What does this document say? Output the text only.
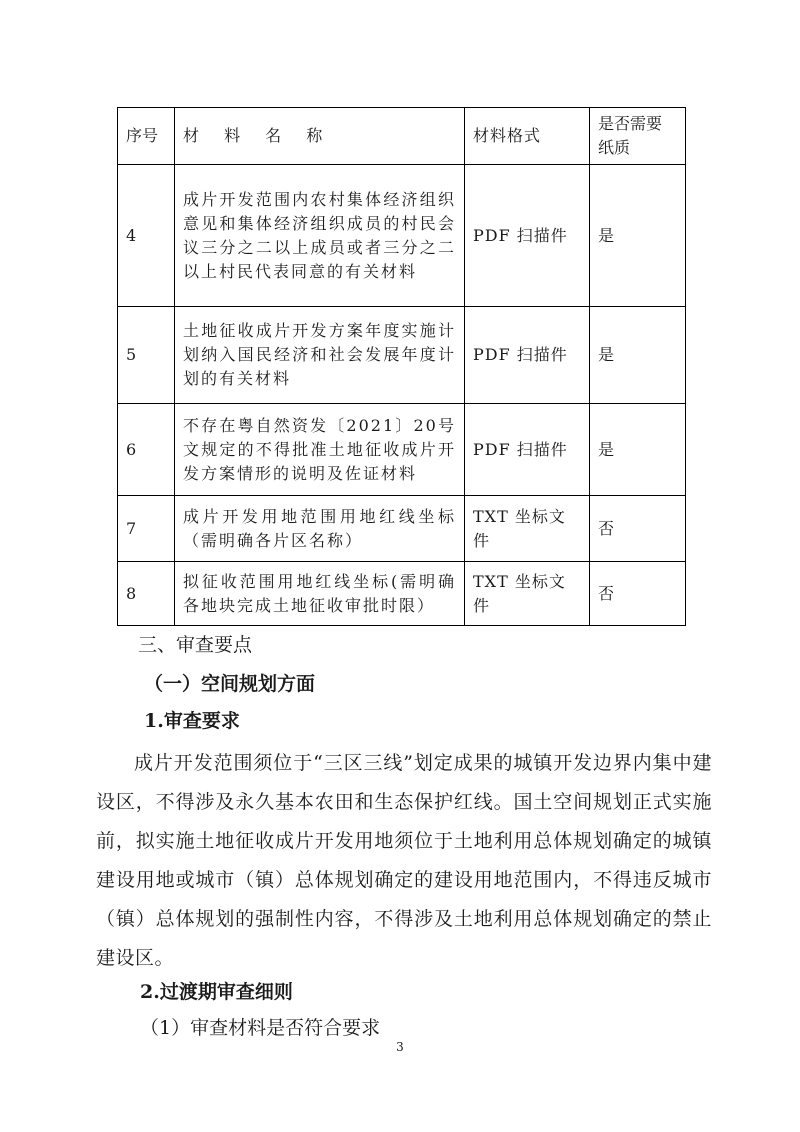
序号	材 料 名 称	材料格式	是否需要纸质
4	成片开发范围内农村集体经济组织意见和集体经济组织成员的村民会议三分之二以上成员或者三分之二以上村民代表同意的有关材料	PDF 扫描件	是
5	土地征收成片开发方案年度实施计划纳入国民经济和社会发展年度计划的有关材料	PDF 扫描件	是
6	不存在粤自然资发〔2021〕20号文规定的不得批准土地征收成片开发方案情形的说明及佐证材料	PDF 扫描件	是
7	成片开发用地范围用地红线坐标（需明确各片区名称）	TXT 坐标文件	否
8	拟征收范围用地红线坐标(需明确各地块完成土地征收审批时限）	TXT 坐标文件	否
三、审查要点
（一）空间规划方面
1.审查要求

成片开发范围须位于“三区三线”划定成果的城镇开发边界内集中建设区，不得涉及永久基本农田和生态保护红线。国土空间规划正式实施前，拟实施土地征收成片开发用地须位于土地利用总体规划确定的城镇建设用地或城市（镇）总体规划确定的建设用地范围内，不得违反城市（镇）总体规划的强制性内容，不得涉及土地利用总体规划确定的禁止建设区。

2.过渡期审查细则
（1）审查材料是否符合要求
3
